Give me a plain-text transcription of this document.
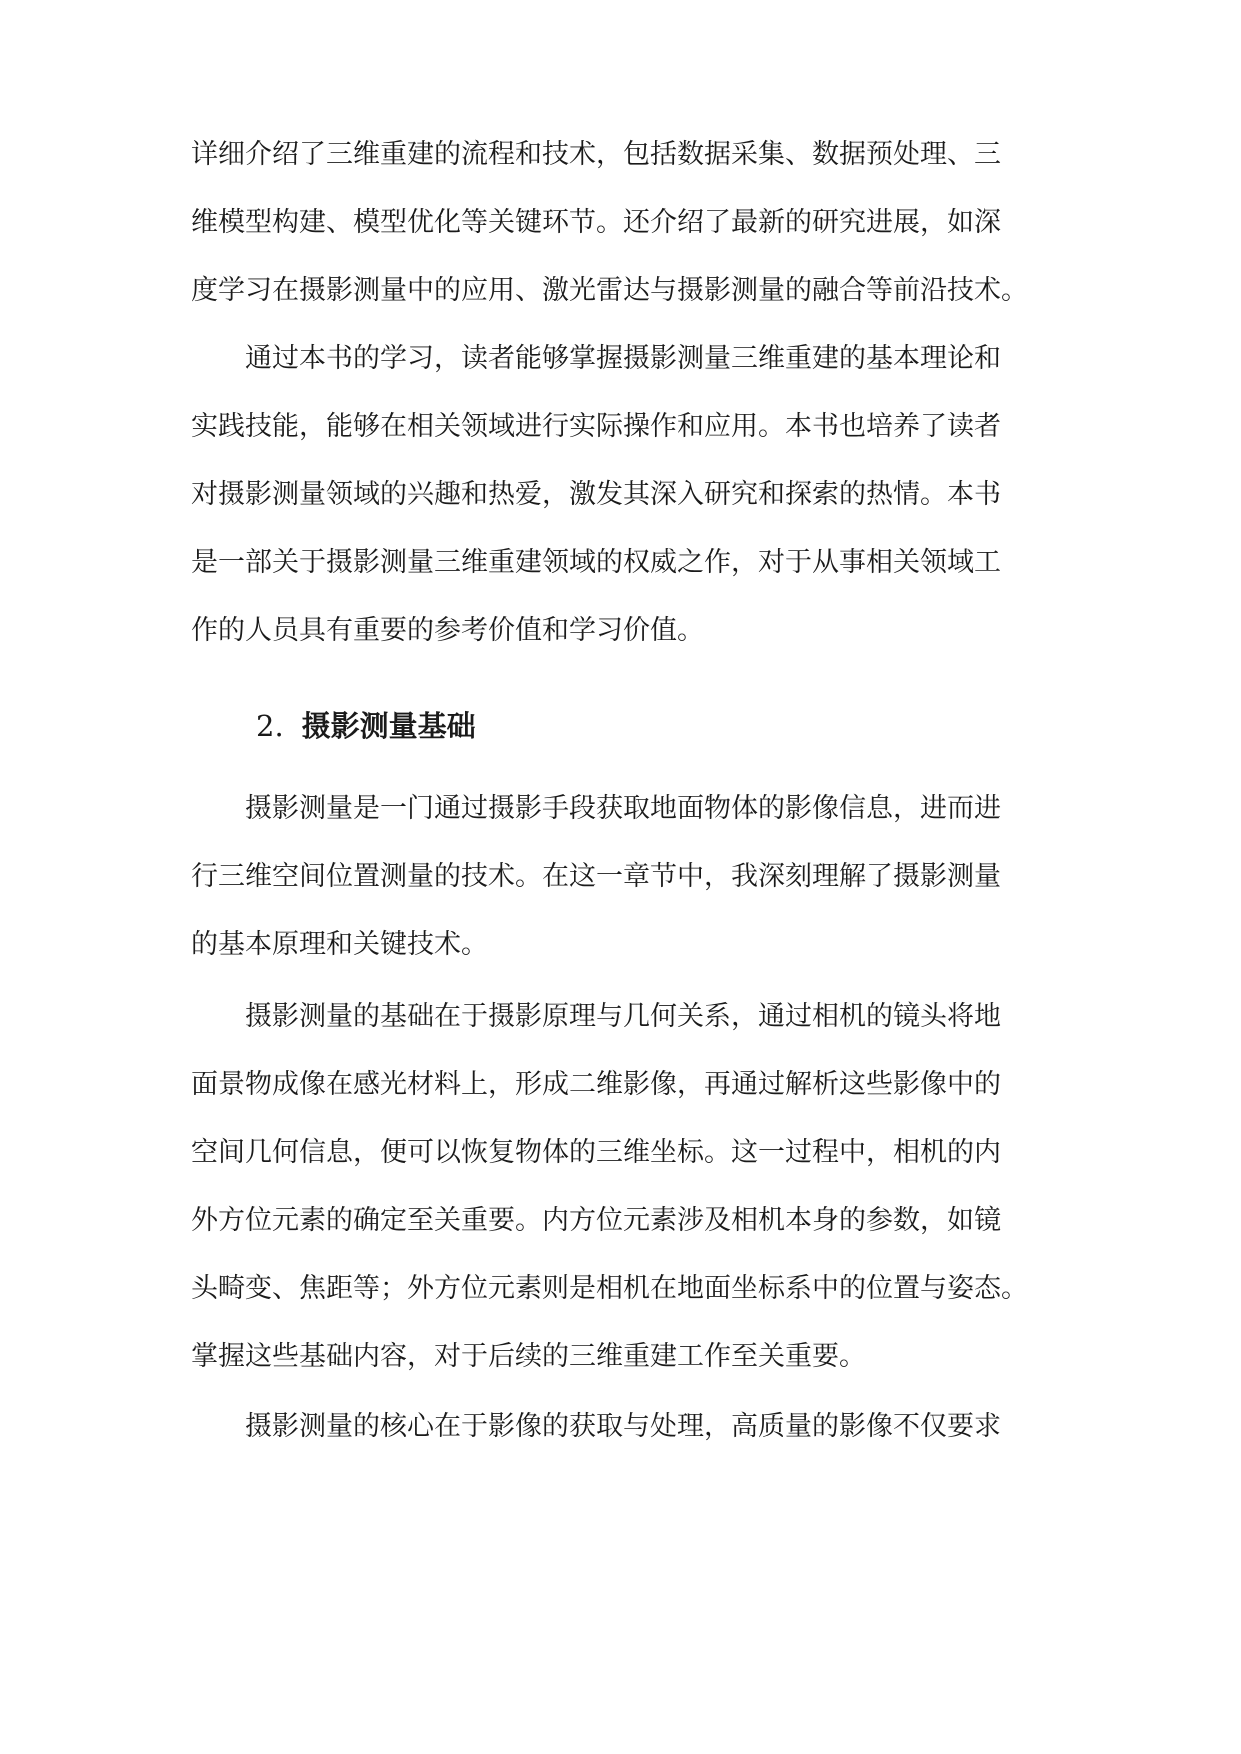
详细介绍了三维重建的流程和技术，包括数据采集、数据预处理、三
维模型构建、模型优化等关键环节。还介绍了最新的研究进展，如深
度学习在摄影测量中的应用、激光雷达与摄影测量的融合等前沿技术。
通过本书的学习，读者能够掌握摄影测量三维重建的基本理论和
实践技能，能够在相关领域进行实际操作和应用。本书也培养了读者
对摄影测量领域的兴趣和热爱，激发其深入研究和探索的热情。本书
是一部关于摄影测量三维重建领域的权威之作，对于从事相关领域工
作的人员具有重要的参考价值和学习价值。
2. 摄影测量基础
摄影测量是一门通过摄影手段获取地面物体的影像信息，进而进
行三维空间位置测量的技术。在这一章节中，我深刻理解了摄影测量
的基本原理和关键技术。
摄影测量的基础在于摄影原理与几何关系，通过相机的镜头将地
面景物成像在感光材料上，形成二维影像，再通过解析这些影像中的
空间几何信息，便可以恢复物体的三维坐标。这一过程中，相机的内
外方位元素的确定至关重要。内方位元素涉及相机本身的参数，如镜
头畸变、焦距等；外方位元素则是相机在地面坐标系中的位置与姿态。
掌握这些基础内容，对于后续的三维重建工作至关重要。
摄影测量的核心在于影像的获取与处理，高质量的影像不仅要求
